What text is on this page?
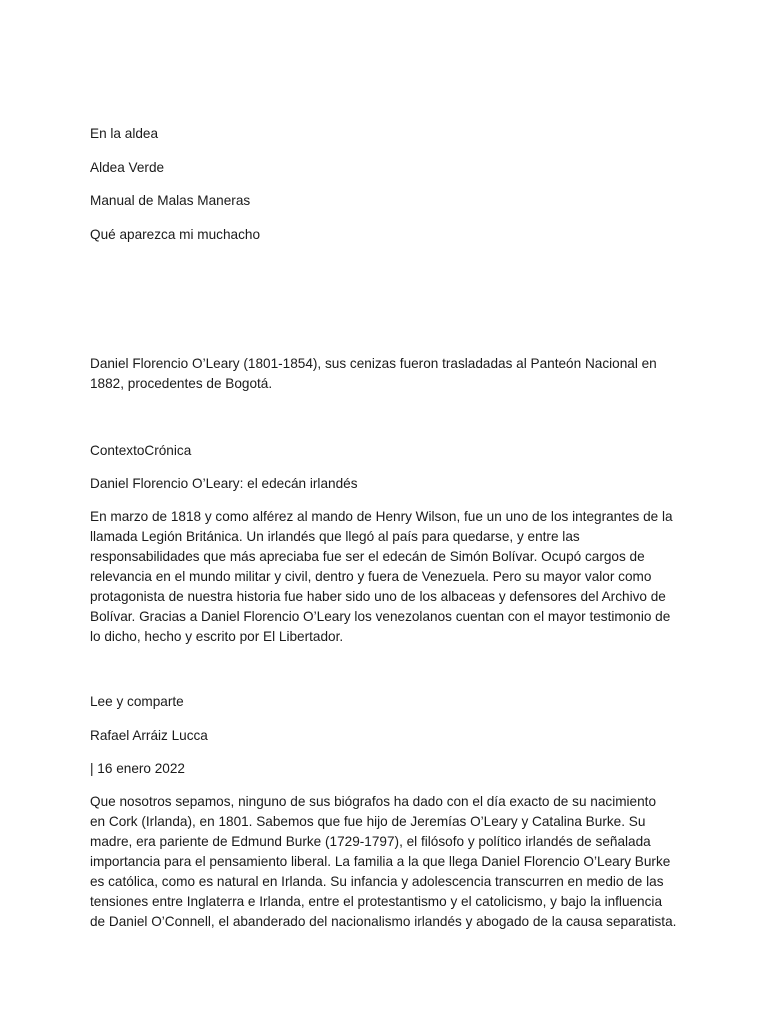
En la aldea
Aldea Verde
Manual de Malas Maneras
Qué aparezca mi muchacho
Daniel Florencio O’Leary (1801-1854), sus cenizas fueron trasladadas al Panteón Nacional en
1882, procedentes de Bogotá.
ContextoCrónica
Daniel Florencio O’Leary: el edecán irlandés
En marzo de 1818 y como alférez al mando de Henry Wilson, fue un uno de los integrantes de la
llamada Legión Británica. Un irlandés que llegó al país para quedarse, y entre las
responsabilidades que más apreciaba fue ser el edecán de Simón Bolívar. Ocupó cargos de
relevancia en el mundo militar y civil, dentro y fuera de Venezuela. Pero su mayor valor como
protagonista de nuestra historia fue haber sido uno de los albaceas y defensores del Archivo de
Bolívar. Gracias a Daniel Florencio O’Leary los venezolanos cuentan con el mayor testimonio de
lo dicho, hecho y escrito por El Libertador.
Lee y comparte
Rafael Arráiz Lucca
| 16 enero 2022
Que nosotros sepamos, ninguno de sus biógrafos ha dado con el día exacto de su nacimiento
en Cork (Irlanda), en 1801. Sabemos que fue hijo de Jeremías O’Leary y Catalina Burke. Su
madre, era pariente de Edmund Burke (1729-1797), el filósofo y político irlandés de señalada
importancia para el pensamiento liberal. La familia a la que llega Daniel Florencio O’Leary Burke
es católica, como es natural en Irlanda. Su infancia y adolescencia transcurren en medio de las
tensiones entre Inglaterra e Irlanda, entre el protestantismo y el catolicismo, y bajo la influencia
de Daniel O’Connell, el abanderado del nacionalismo irlandés y abogado de la causa separatista.
